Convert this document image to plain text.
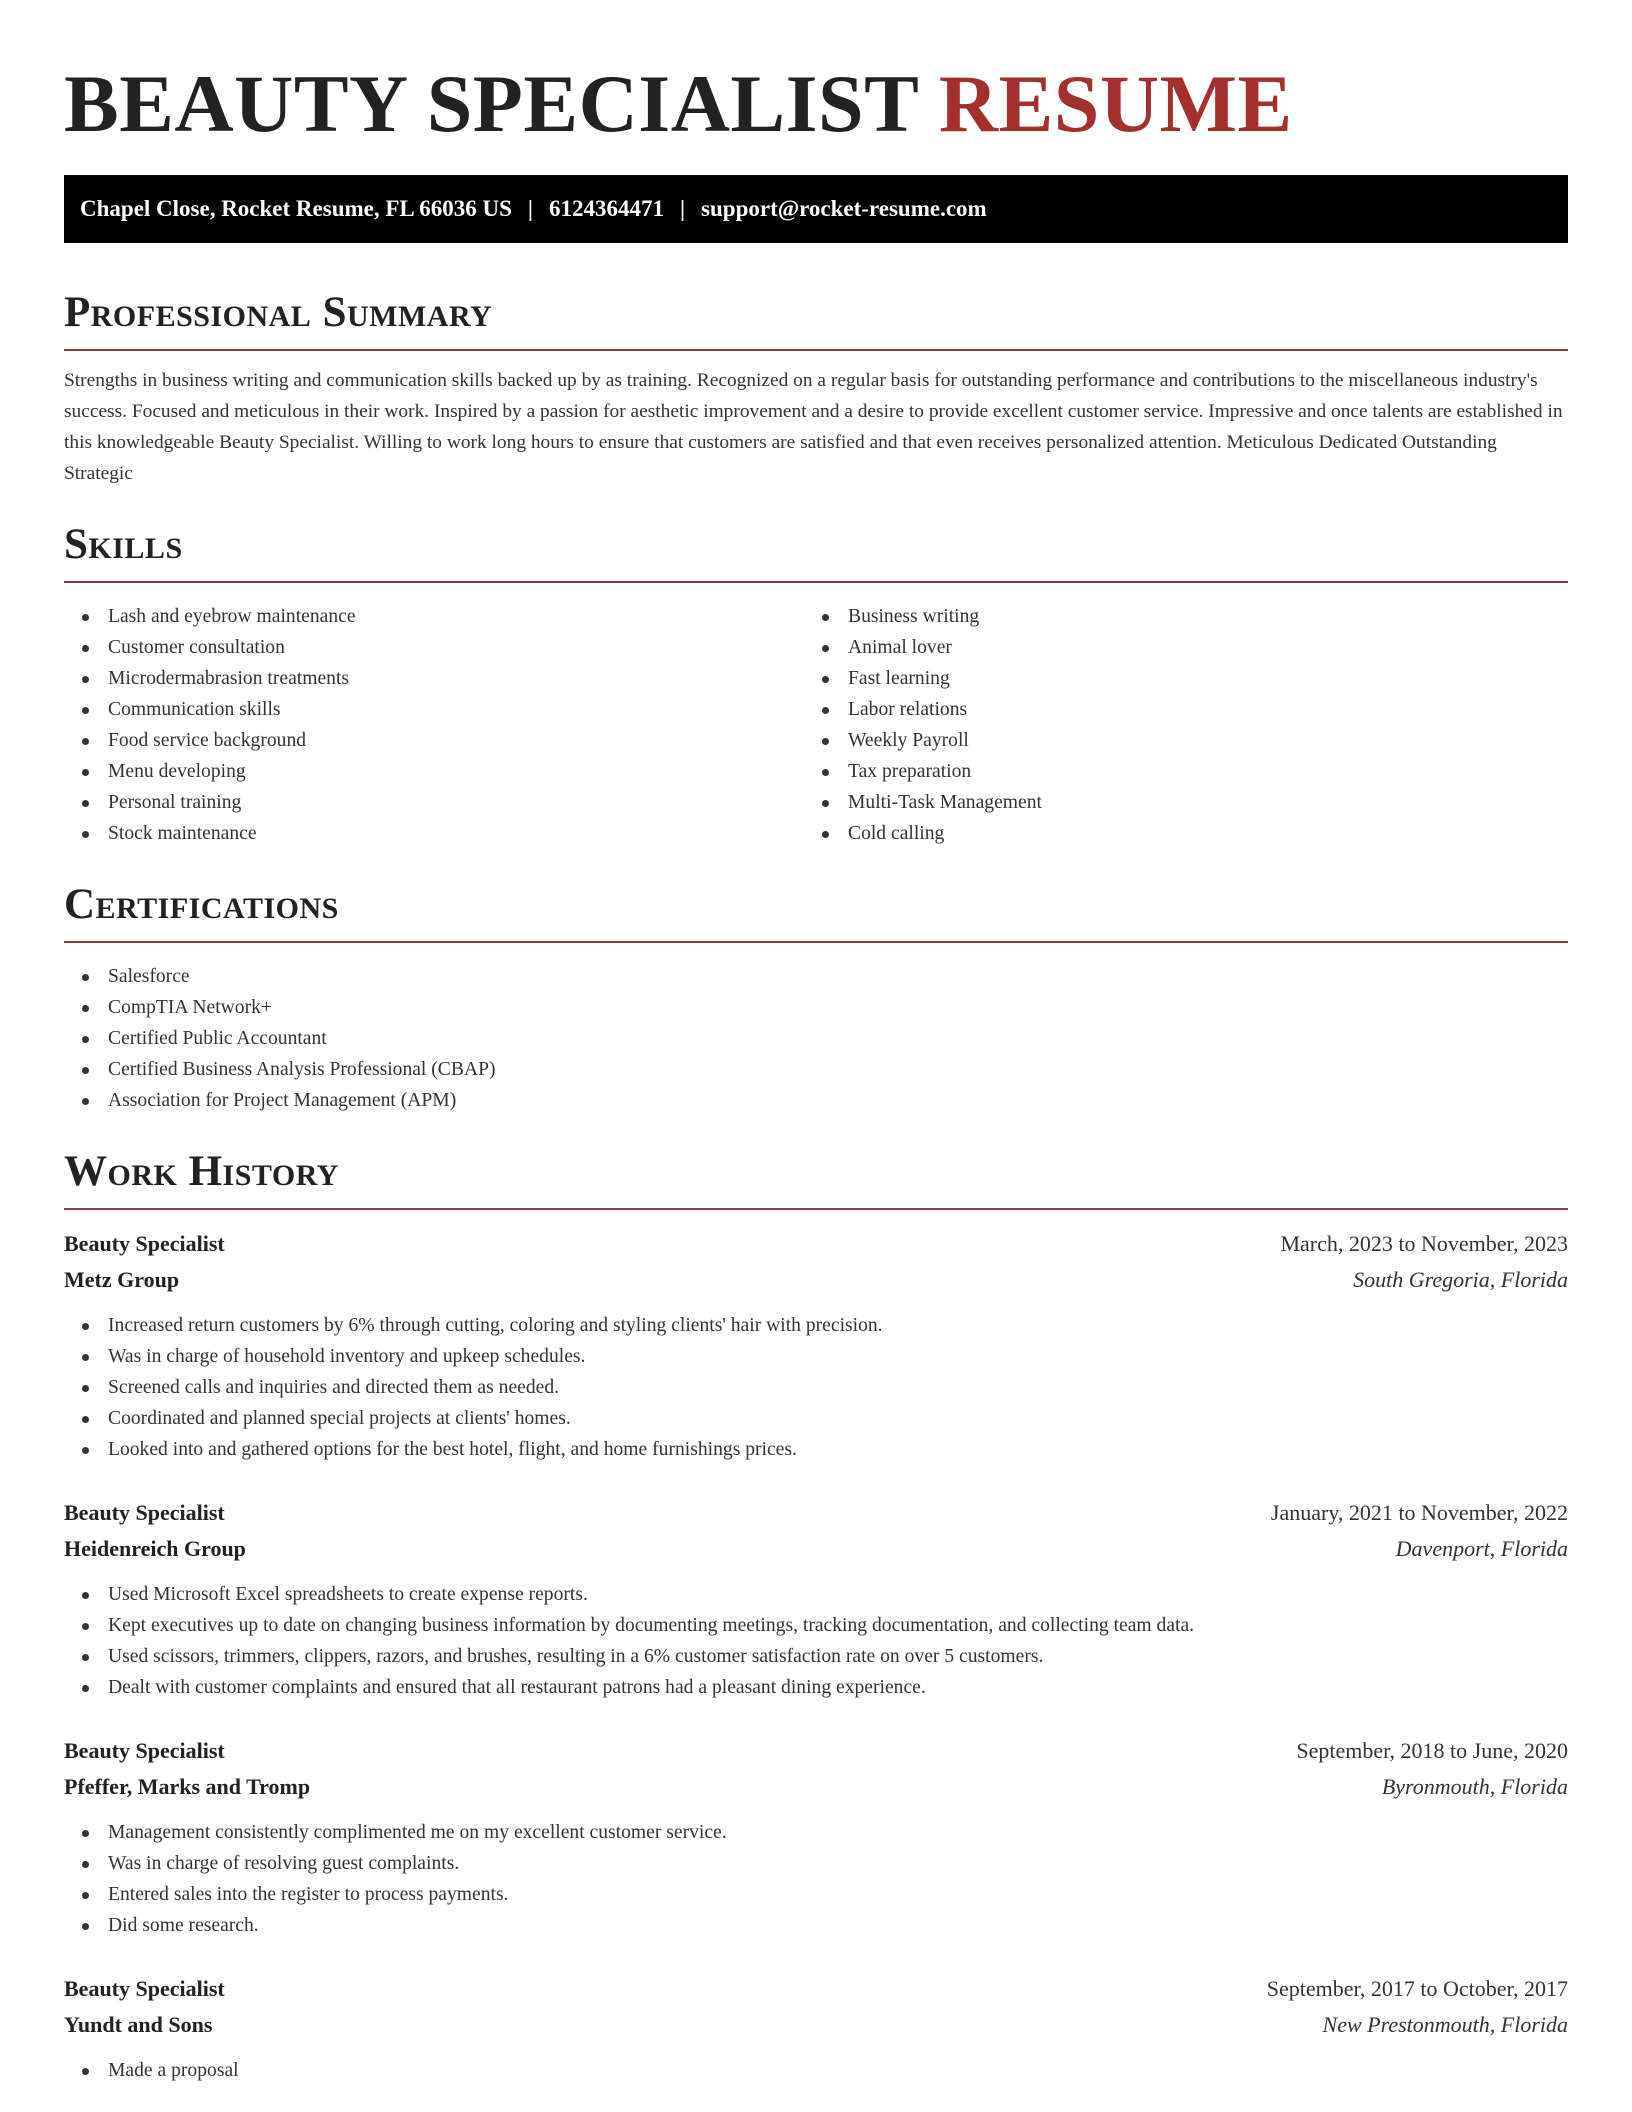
BEAUTY SPECIALIST RESUME
Chapel Close, Rocket Resume, FL 66036 US | 6124364471 | support@rocket-resume.com
Professional Summary

Strengths in business writing and communication skills backed up by as training. Recognized on a regular basis for outstanding performance and contributions to the miscellaneous industry's success. Focused and meticulous in their work. Inspired by a passion for aesthetic improvement and a desire to provide excellent customer service. Impressive and once talents are established in this knowledgeable Beauty Specialist. Willing to work long hours to ensure that customers are satisfied and that even receives personalized attention. Meticulous Dedicated Outstanding Strategic

Skills
Lash and eyebrow maintenance
Customer consultation
Microdermabrasion treatments
Communication skills
Food service background
Menu developing
Personal training
Stock maintenance
Business writing
Animal lover
Fast learning
Labor relations
Weekly Payroll
Tax preparation
Multi-Task Management
Cold calling
Certifications
Salesforce
CompTIA Network+
Certified Public Accountant
Certified Business Analysis Professional (CBAP)
Association for Project Management (APM)
Work History
Beauty Specialist	March, 2023 to November, 2023
Metz Group	South Gregoria, Florida
Increased return customers by 6% through cutting, coloring and styling clients' hair with precision.
Was in charge of household inventory and upkeep schedules.
Screened calls and inquiries and directed them as needed.
Coordinated and planned special projects at clients' homes.
Looked into and gathered options for the best hotel, flight, and home furnishings prices.
Beauty Specialist	January, 2021 to November, 2022
Heidenreich Group	Davenport, Florida
Used Microsoft Excel spreadsheets to create expense reports.
Kept executives up to date on changing business information by documenting meetings, tracking documentation, and collecting team data.
Used scissors, trimmers, clippers, razors, and brushes, resulting in a 6% customer satisfaction rate on over 5 customers.
Dealt with customer complaints and ensured that all restaurant patrons had a pleasant dining experience.
Beauty Specialist	September, 2018 to June, 2020
Pfeffer, Marks and Tromp	Byronmouth, Florida
Management consistently complimented me on my excellent customer service.
Was in charge of resolving guest complaints.
Entered sales into the register to process payments.
Did some research.
Beauty Specialist	September, 2017 to October, 2017
Yundt and Sons	New Prestonmouth, Florida
Made a proposal
